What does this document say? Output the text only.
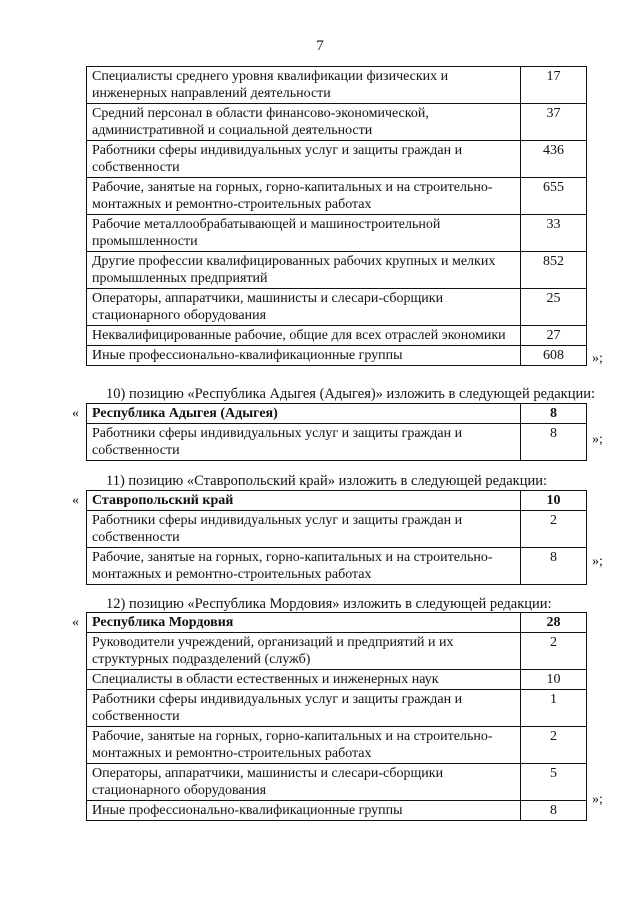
7
Специалисты среднего уровня квалификации физических и инженерных направлений деятельности	17
Средний персонал в области финансово-экономической, административной и социальной деятельности	37
Работники сферы индивидуальных услуг и защиты граждан и собственности	436
Рабочие, занятые на горных, горно-капитальных и на строительно-монтажных и ремонтно-строительных работах	655
Рабочие металлообрабатывающей и машиностроительной промышленности	33
Другие профессии квалифицированных рабочих крупных и мелких промышленных предприятий	852
Операторы, аппаратчики, машинисты и слесари-сборщики стационарного оборудования	25
Неквалифицированные рабочие, общие для всех отраслей экономики	27
Иные профессионально-квалификационные группы	608 »;
10) позицию «Республика Адыгея (Адыгея)» изложить в следующей редакции:
« Республика Адыгея (Адыгея)	8
Работники сферы индивидуальных услуг и защиты граждан и собственности	8	»;
11) позицию «Ставропольский край» изложить в следующей редакции:
« Ставропольский край	10
Работники сферы индивидуальных услуг и защиты граждан и собственности	2
Рабочие, занятые на горных, горно-капитальных и на строительно-монтажных и ремонтно-строительных работах	8	»;
12) позицию «Республика Мордовия» изложить в следующей редакции:
« Республика Мордовия	28
Руководители учреждений, организаций и предприятий и их структурных подразделений (служб)	2
Специалисты в области естественных и инженерных наук	10
Работники сферы индивидуальных услуг и защиты граждан и собственности	1
Рабочие, занятые на горных, горно-капитальных и на строительно-монтажных и ремонтно-строительных работах	2
Операторы, аппаратчики, машинисты и слесари-сборщики стационарного оборудования	5
Иные профессионально-квалификационные группы	8
»;
